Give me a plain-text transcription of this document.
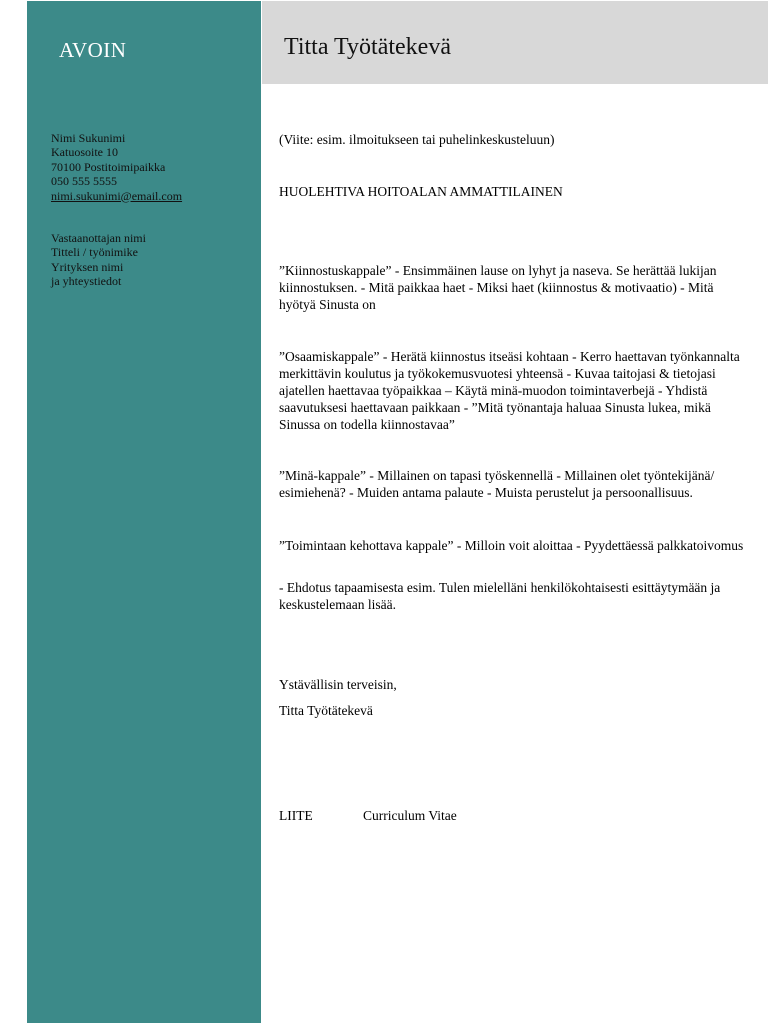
AVOIN
Nimi Sukunimi
Katuosoite 10
70100 Postitoimipaikka
050 555 5555
nimi.sukunimi@email.com
Vastaanottajan nimi
Titteli / työnimike
Yrityksen nimi
ja yhteystiedot
Titta Työtätekevä
(Viite: esim. ilmoitukseen tai puhelinkeskusteluun)
HUOLEHTIVA HOITOALAN AMMATTILAINEN
”Kiinnostuskappale” - Ensimmäinen lause on lyhyt ja naseva. Se herättää lukijan kiinnostuksen. - Mitä paikkaa haet - Miksi haet (kiinnostus & motivaatio) - Mitä hyötyä Sinusta on
”Osaamiskappale” - Herätä kiinnostus itseäsi kohtaan - Kerro haettavan työnkannalta merkittävin koulutus ja työkokemusvuotesi yhteensä - Kuvaa taitojasi & tietojasi ajatellen haettavaa työpaikkaa – Käytä minä-muodon toimintaverbejä - Yhdistä saavutuksesi haettavaan paikkaan - ”Mitä työnantaja haluaa Sinusta lukea, mikä Sinussa on todella kiinnostavaa”
”Minä-kappale” - Millainen on tapasi työskennellä - Millainen olet työntekijänä/ esimiehenä? - Muiden antama palaute - Muista perustelut ja persoonallisuus.
”Toimintaan kehottava kappale” - Milloin voit aloittaa - Pyydettäessä palkkatoivomus
- Ehdotus tapaamisesta esim. Tulen mielelläni henkilökohtaisesti esittäytymään ja keskustelemaan lisää.
Ystävällisin terveisin,
Titta Työtätekevä
LIITE	Curriculum Vitae
